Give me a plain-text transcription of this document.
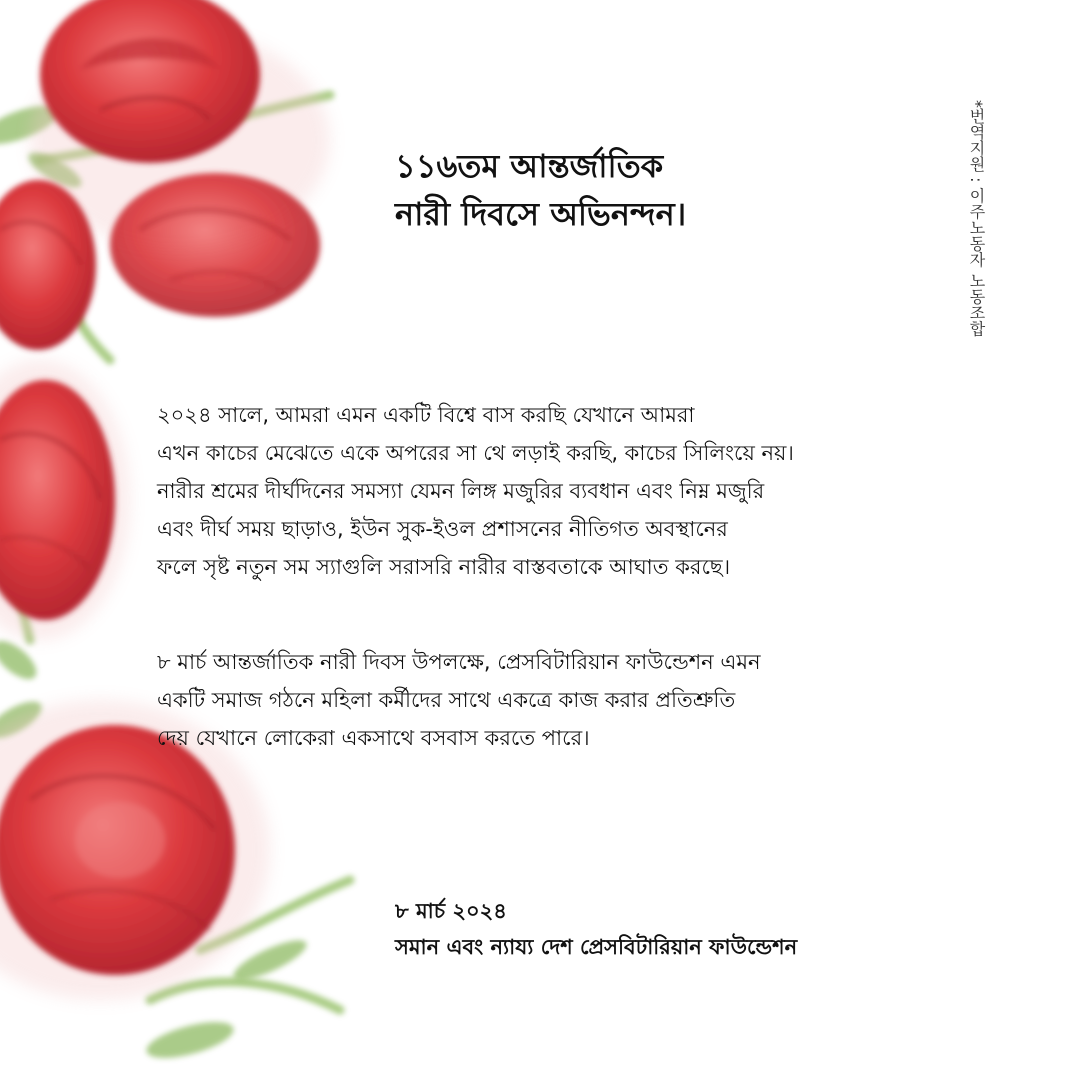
১১৬তম আন্তর্জাতিক
নারী দিবসে অভিনন্দন।	*번역지원 : 이주노동자 노동조합

২০২৪ সালে, আমরা এমন একটি বিশ্বে বাস করছি যেখানে আমরা
এখন কাচের মেঝেতে একে অপরের সা থে লড়াই করছি, কাচের সিলিংয়ে নয়।
নারীর শ্রমের দীর্ঘদিনের সমস্যা যেমন লিঙ্গ মজুরির ব্যবধান এবং নিম্ন মজুরি
এবং দীর্ঘ সময় ছাড়াও, ইউন সুক-ইওল প্রশাসনের নীতিগত অবস্থানের
ফলে সৃষ্ট নতুন সম স্যাগুলি সরাসরি নারীর বাস্তবতাকে আঘাত করছে।

৮ মার্চ আন্তর্জাতিক নারী দিবস উপলক্ষে, প্রেসবিটারিয়ান ফাউন্ডেশন এমন
একটি সমাজ গঠনে মহিলা কর্মীদের সাথে একত্রে কাজ করার প্রতিশ্রুতি
দেয় যেখানে লোকেরা একসাথে বসবাস করতে পারে।

৮ মার্চ ২০২৪
সমান এবং ন্যায্য দেশ প্রেসবিটারিয়ান ফাউন্ডেশন
